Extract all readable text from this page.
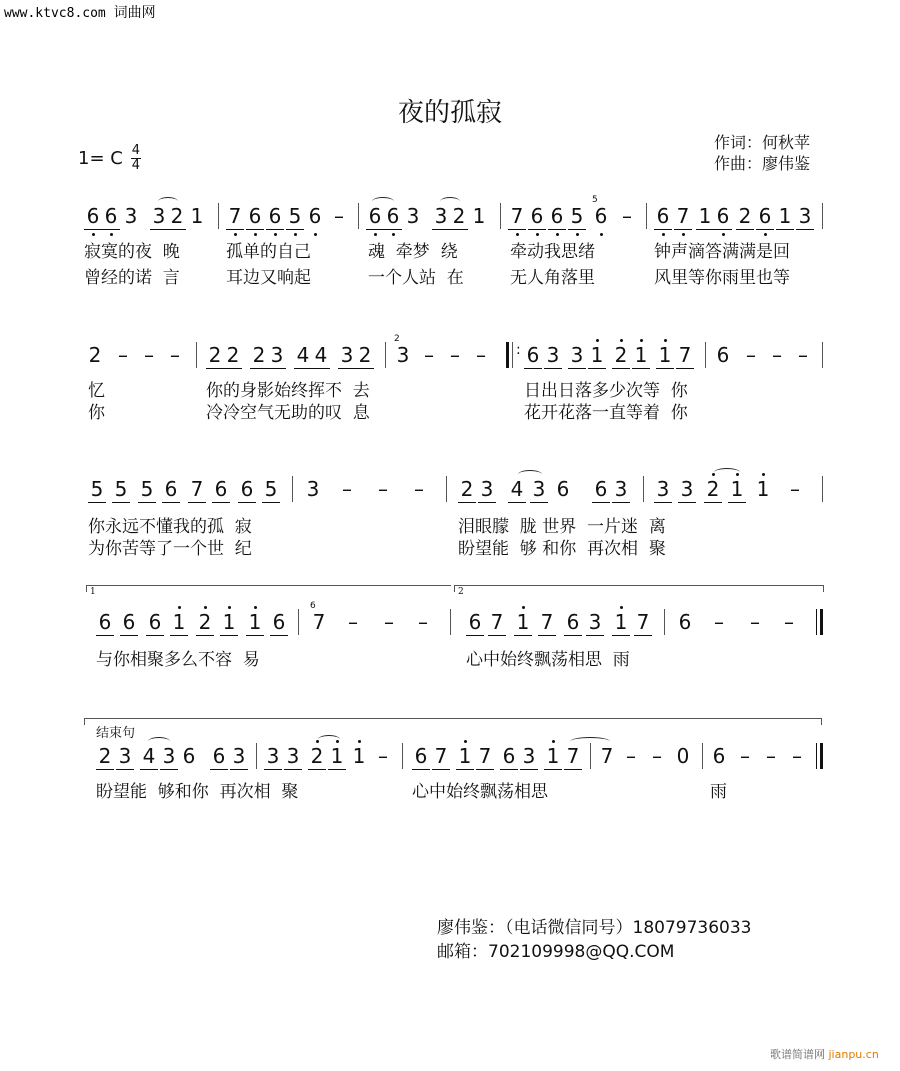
www.ktvc8.com 词曲网
夜的孤寂
1= C 4
4
作词：何秋苹
作曲：廖伟鉴
6 6 3 3 2 1 7 6 6 5 6 – 6 6 3 3 2 1 7 6 6 5
5
6 – 6 7 1 6 2 6 1 3
寂寞的夜  晚	孤单的自己	魂  牵梦  绕	牵动我思绪	钟声滴答满满是回
曾经的诺  言	耳边又响起	一个人站  在	无人角落里	风里等你雨里也等
2 – – – 2 2 2 3 4 4 3 2
2
3 – – – : 6 3 3 1 2 1 1 7 6 – – –
忆	你的身影始终挥不  去	日出日落多少次等  你
你	冷冷空气无助的叹  息	花开花落一直等着  你
5 5 5 6 7 6 6 5 3 – – – 2 3 4 3 6 6 3 3 3 2 1 1 –
你永远不懂我的孤  寂	泪眼朦  胧 世界  一片迷  离
为你苦等了一个世  纪	盼望能  够 和你  再次相  聚
1	2
6 6 6 1 2 1 1 6
6
7 – – – 6 7 1 7 6 3 1 7 6 – – –
与你相聚多么不容  易	心中始终飘荡相思  雨
结束句
2 3 4 3 6 6 3 3 3 2 1 1 – 6 7 1 7 6 3 1 7 7 – – 0 6 – – –
盼望能  够和你  再次相  聚	心中始终飘荡相思	雨
廖伟鉴：（电话微信同号）18079736033
邮箱：702109998@QQ.COM
歌谱简谱网 jianpu.cn
